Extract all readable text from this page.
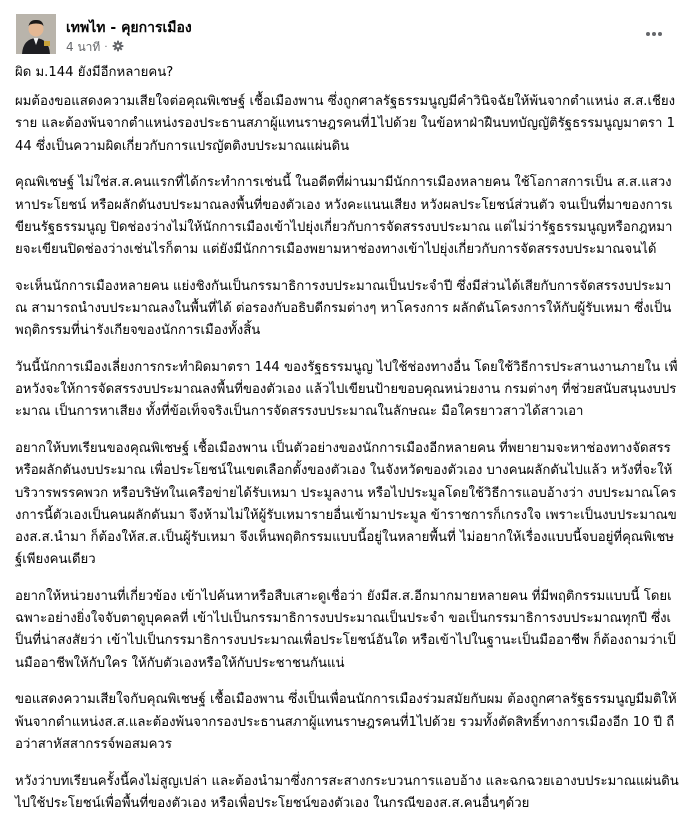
เทพไท - คุยการเมือง
4 นาที ·

ผิด ม.144 ยังมีอีกหลายคน?

ผมต้องขอแสดงความเสียใจต่อคุณพิเชษฐ์ เชื้อเมืองพาน ซึ่งถูกศาลรัฐธรรมนูญมีคำวินิจฉัยให้พ้นจากตำแหน่ง ส.ส.เชียงราย และต้องพ้นจากตำแหน่งรองประธานสภาผู้แทนราษฎรคนที่1ไปด้วย ในข้อหาฝ่าฝืนบทบัญญัติรัฐธรรมนูญมาตรา 144 ซึ่งเป็นความผิดเกี่ยวกับการแปรญัตติงบประมาณแผ่นดิน

คุณพิเชษฐ์ ไม่ใช่ส.ส.คนแรกที่ได้กระทำการเช่นนี้ ในอดีตที่ผ่านมามีนักการเมืองหลายคน ใช้โอกาสการเป็น ส.ส.แสวงหาประโยชน์ หรือผลักดันงบประมาณลงพื้นที่ของตัวเอง หวังคะแนนเสียง หวังผลประโยชน์ส่วนตัว จนเป็นที่มาของการเขียนรัฐธรรมนูญ ปิดช่องว่างไม่ให้นักการเมืองเข้าไปยุ่งเกี่ยวกับการจัดสรรงบประมาณ แต่ไม่ว่ารัฐธรรมนูญหรือกฎหมายจะเขียนปิดช่องว่างเช่นไรก็ตาม แต่ยังมีนักการเมืองพยามหาช่องทางเข้าไปยุ่งเกี่ยวกับการจัดสรรงบประมาณจนได้

จะเห็นนักการเมืองหลายคน แย่งชิงกันเป็นกรรมาธิการงบประมาณเป็นประจำปี ซึ่งมีส่วนได้เสียกับการจัดสรรงบประมาณ สามารถนำงบประมาณลงในพื้นที่ได้ ต่อรองกับอธิบดีกรมต่างๆ หาโครงการ ผลักดันโครงการให้กับผู้รับเหมา ซึ่งเป็นพฤติกรรมที่น่ารังเกียจของนักการเมืองทั้งสิ้น

วันนี้นักการเมืองเลี่ยงการกระทำผิดมาตรา 144 ของรัฐธรรมนูญ ไปใช้ช่องทางอื่น โดยใช้วิธีการประสานงานภายใน เพื่อหวังจะให้การจัดสรรงบประมาณลงพื้นที่ของตัวเอง แล้วไปเขียนป้ายขอบคุณหน่วยงาน กรมต่างๆ ที่ช่วยสนับสนุนงบประมาณ เป็นการหาเสียง ทั้งที่ข้อเท็จจริงเป็นการจัดสรรงบประมาณในลักษณะ มือใครยาวสาวได้สาวเอา

อยากให้บทเรียนของคุณพิเชษฐ์ เชื้อเมืองพาน เป็นตัวอย่างของนักการเมืองอีกหลายคน ที่พยายามจะหาช่องทางจัดสรร หรือผลักดันงบประมาณ เพื่อประโยชน์ในเขตเลือกตั้งของตัวเอง ในจังหวัดของตัวเอง บางคนผลักดันไปแล้ว หวังที่จะให้บริวารพรรคพวก หรือบริษัทในเครือข่ายได้รับเหมา ประมูลงาน หรือไปประมูลโดยใช้วิธีการแอบอ้างว่า งบประมาณโครงการนี้ตัวเองเป็นคนผลักดันมา จึงห้ามไม่ให้ผู้รับเหมารายอื่นเข้ามาประมูล ข้าราชการก็เกรงใจ เพราะเป็นงบประมาณของส.ส.นำมา ก็ต้องให้ส.ส.เป็นผู้รับเหมา จึงเห็นพฤติกรรมแบบนี้อยู่ในหลายพื้นที่ ไม่อยากให้เรื่องแบบนี้จบอยู่ที่คุณพิเชษฐ์เพียงคนเดียว

อยากให้หน่วยงานที่เกี่ยวข้อง เข้าไปค้นหาหรือสืบเสาะดูเชื่อว่า ยังมีส.ส.อีกมากมายหลายคน ที่มีพฤติกรรมแบบนี้ โดยเฉพาะอย่างยิ่งใจจับตาดูบุคคลที่ เข้าไปเป็นกรรมาธิการงบประมาณเป็นประจำ ขอเป็นกรรมาธิการงบประมาณทุกปี ซึ่งเป็นที่น่าสงสัยว่า เข้าไปเป็นกรรมาธิการงบประมาณเพื่อประโยชน์อันใด หรือเข้าไปในฐานะเป็นมืออาชีพ ก็ต้องถามว่าเป็นมืออาชีพให้กับใคร ให้กับตัวเองหรือให้กับประชาชนกันแน่

ขอแสดงความเสียใจกับคุณพิเชษฐ์ เชื้อเมืองพาน ซึ่งเป็นเพื่อนนักการเมืองร่วมสมัยกับผม ต้องถูกศาลรัฐธรรมนูญมีมติให้พ้นจากตำแหน่งส.ส.และต้องพ้นจากรองประธานสภาผู้แทนราษฎรคนที่1ไปด้วย รวมทั้งตัดสิทธิ์ทางการเมืองอีก 10 ปี ถือว่าสาหัสสากรรจ์พอสมควร

หวังว่าบทเรียนครั้งนี้คงไม่สูญเปล่า และต้องนำมาซึ่งการสะสางกระบวนการแอบอ้าง และฉกฉวยเอางบประมาณแผ่นดิน ไปใช้ประโยชน์เพื่อพื้นที่ของตัวเอง หรือเพื่อประโยชน์ของตัวเอง ในกรณีของส.ส.คนอื่นๆด้วย
